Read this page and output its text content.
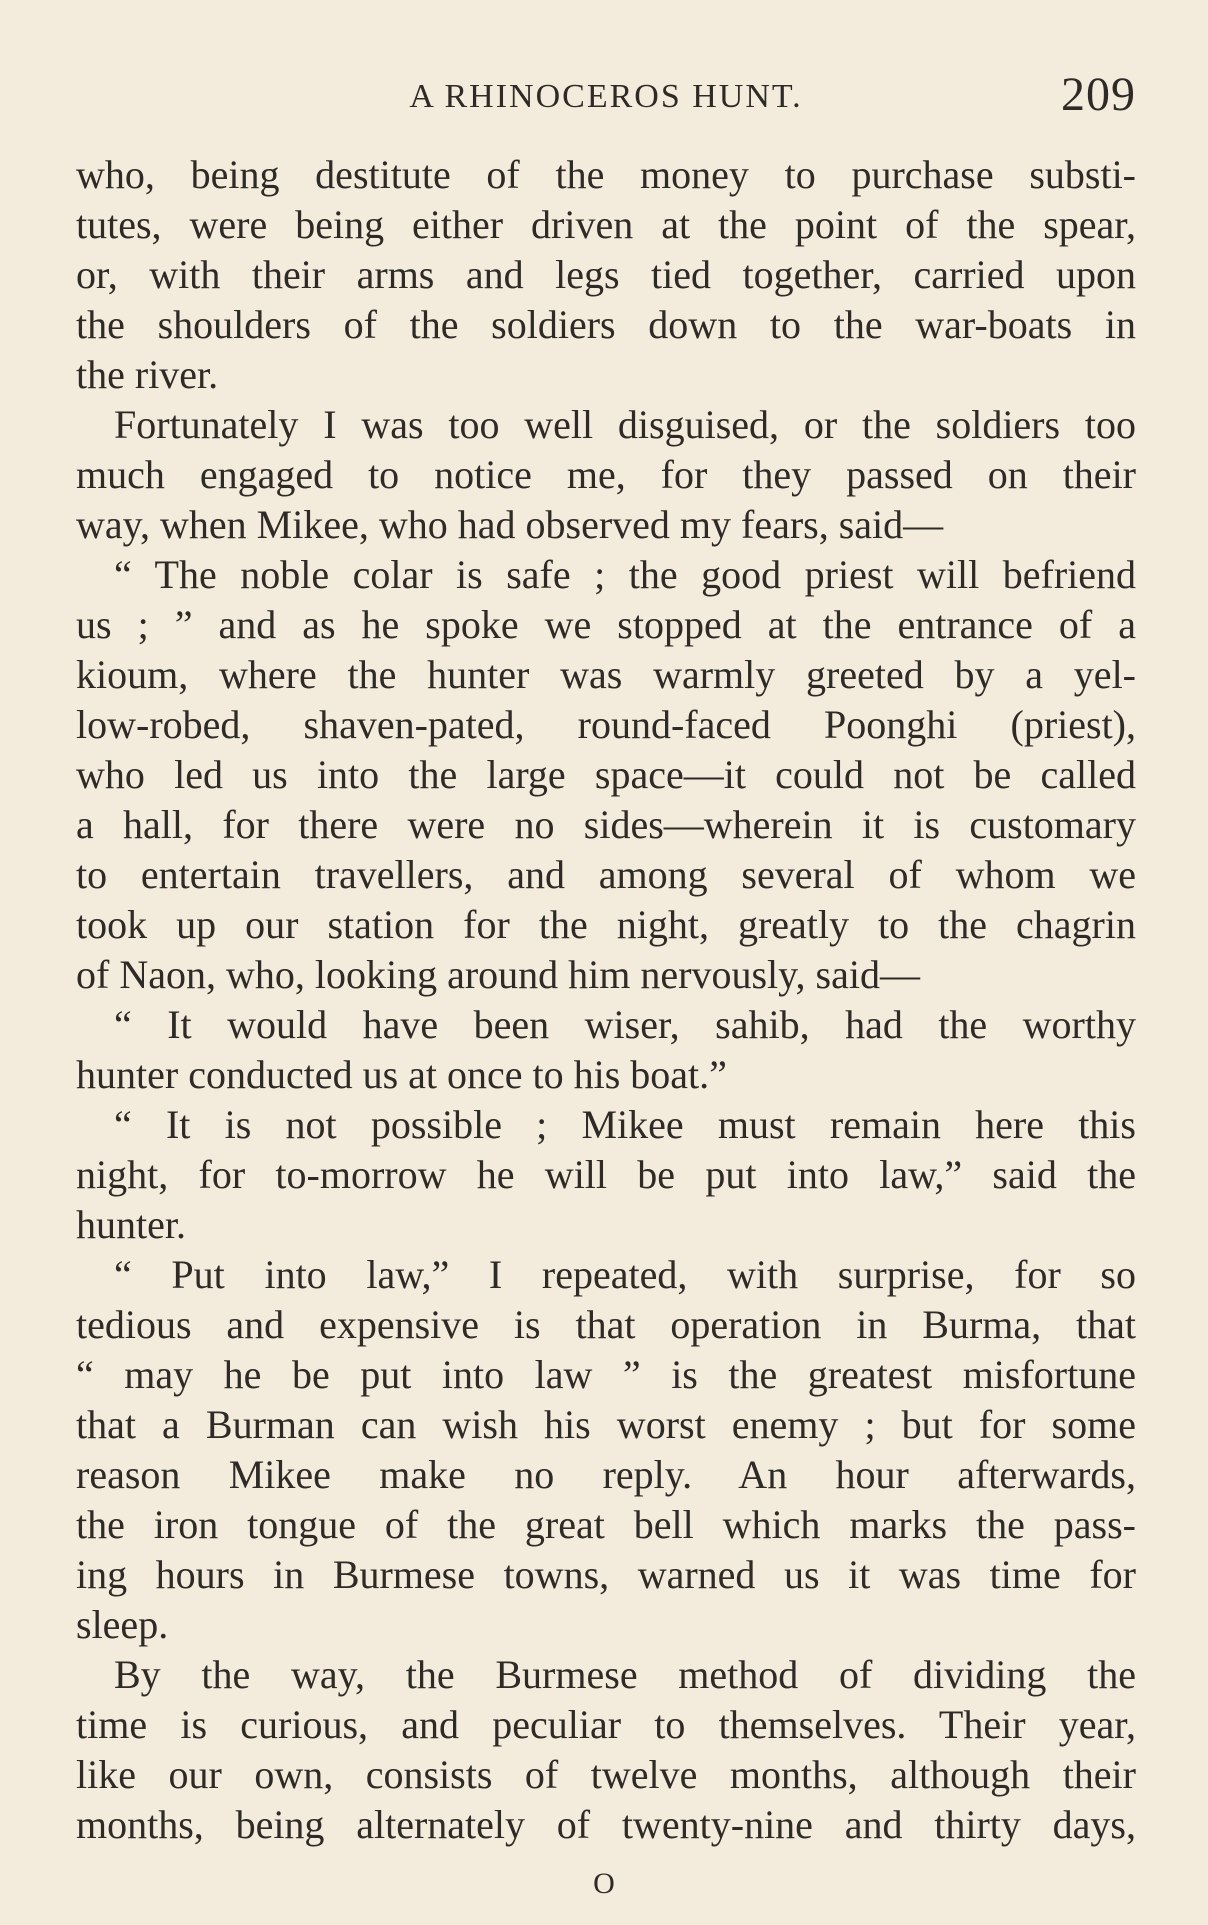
A RHINOCEROS HUNT.	209
who, being destitute of the money to purchase substi-
tutes, were being either driven at the point of the spear,
or, with their arms and legs tied together, carried upon
the shoulders of the soldiers down to the war-boats in
the river.
Fortunately I was too well disguised, or the soldiers too
much engaged to notice me, for they passed on their
way, when Mikee, who had observed my fears, said—
“ The noble colar is safe ; the good priest will befriend
us ; ” and as he spoke we stopped at the entrance of a
kioum, where the hunter was warmly greeted by a yel-
low-robed, shaven-pated, round-faced Poonghi (priest),
who led us into the large space—it could not be called
a hall, for there were no sides—wherein it is customary
to entertain travellers, and among several of whom we
took up our station for the night, greatly to the chagrin
of Naon, who, looking around him nervously, said—
“ It would have been wiser, sahib, had the worthy
hunter conducted us at once to his boat.”
“ It is not possible ; Mikee must remain here this
night, for to-morrow he will be put into law,” said the
hunter.
“ Put into law,” I repeated, with surprise, for so
tedious and expensive is that operation in Burma, that
“ may he be put into law ” is the greatest misfortune
that a Burman can wish his worst enemy ; but for some
reason Mikee make no reply. An hour afterwards,
the iron tongue of the great bell which marks the pass-
ing hours in Burmese towns, warned us it was time for
sleep.
By the way, the Burmese method of dividing the
time is curious, and peculiar to themselves. Their year,
like our own, consists of twelve months, although their
months, being alternately of twenty-nine and thirty days,
O
